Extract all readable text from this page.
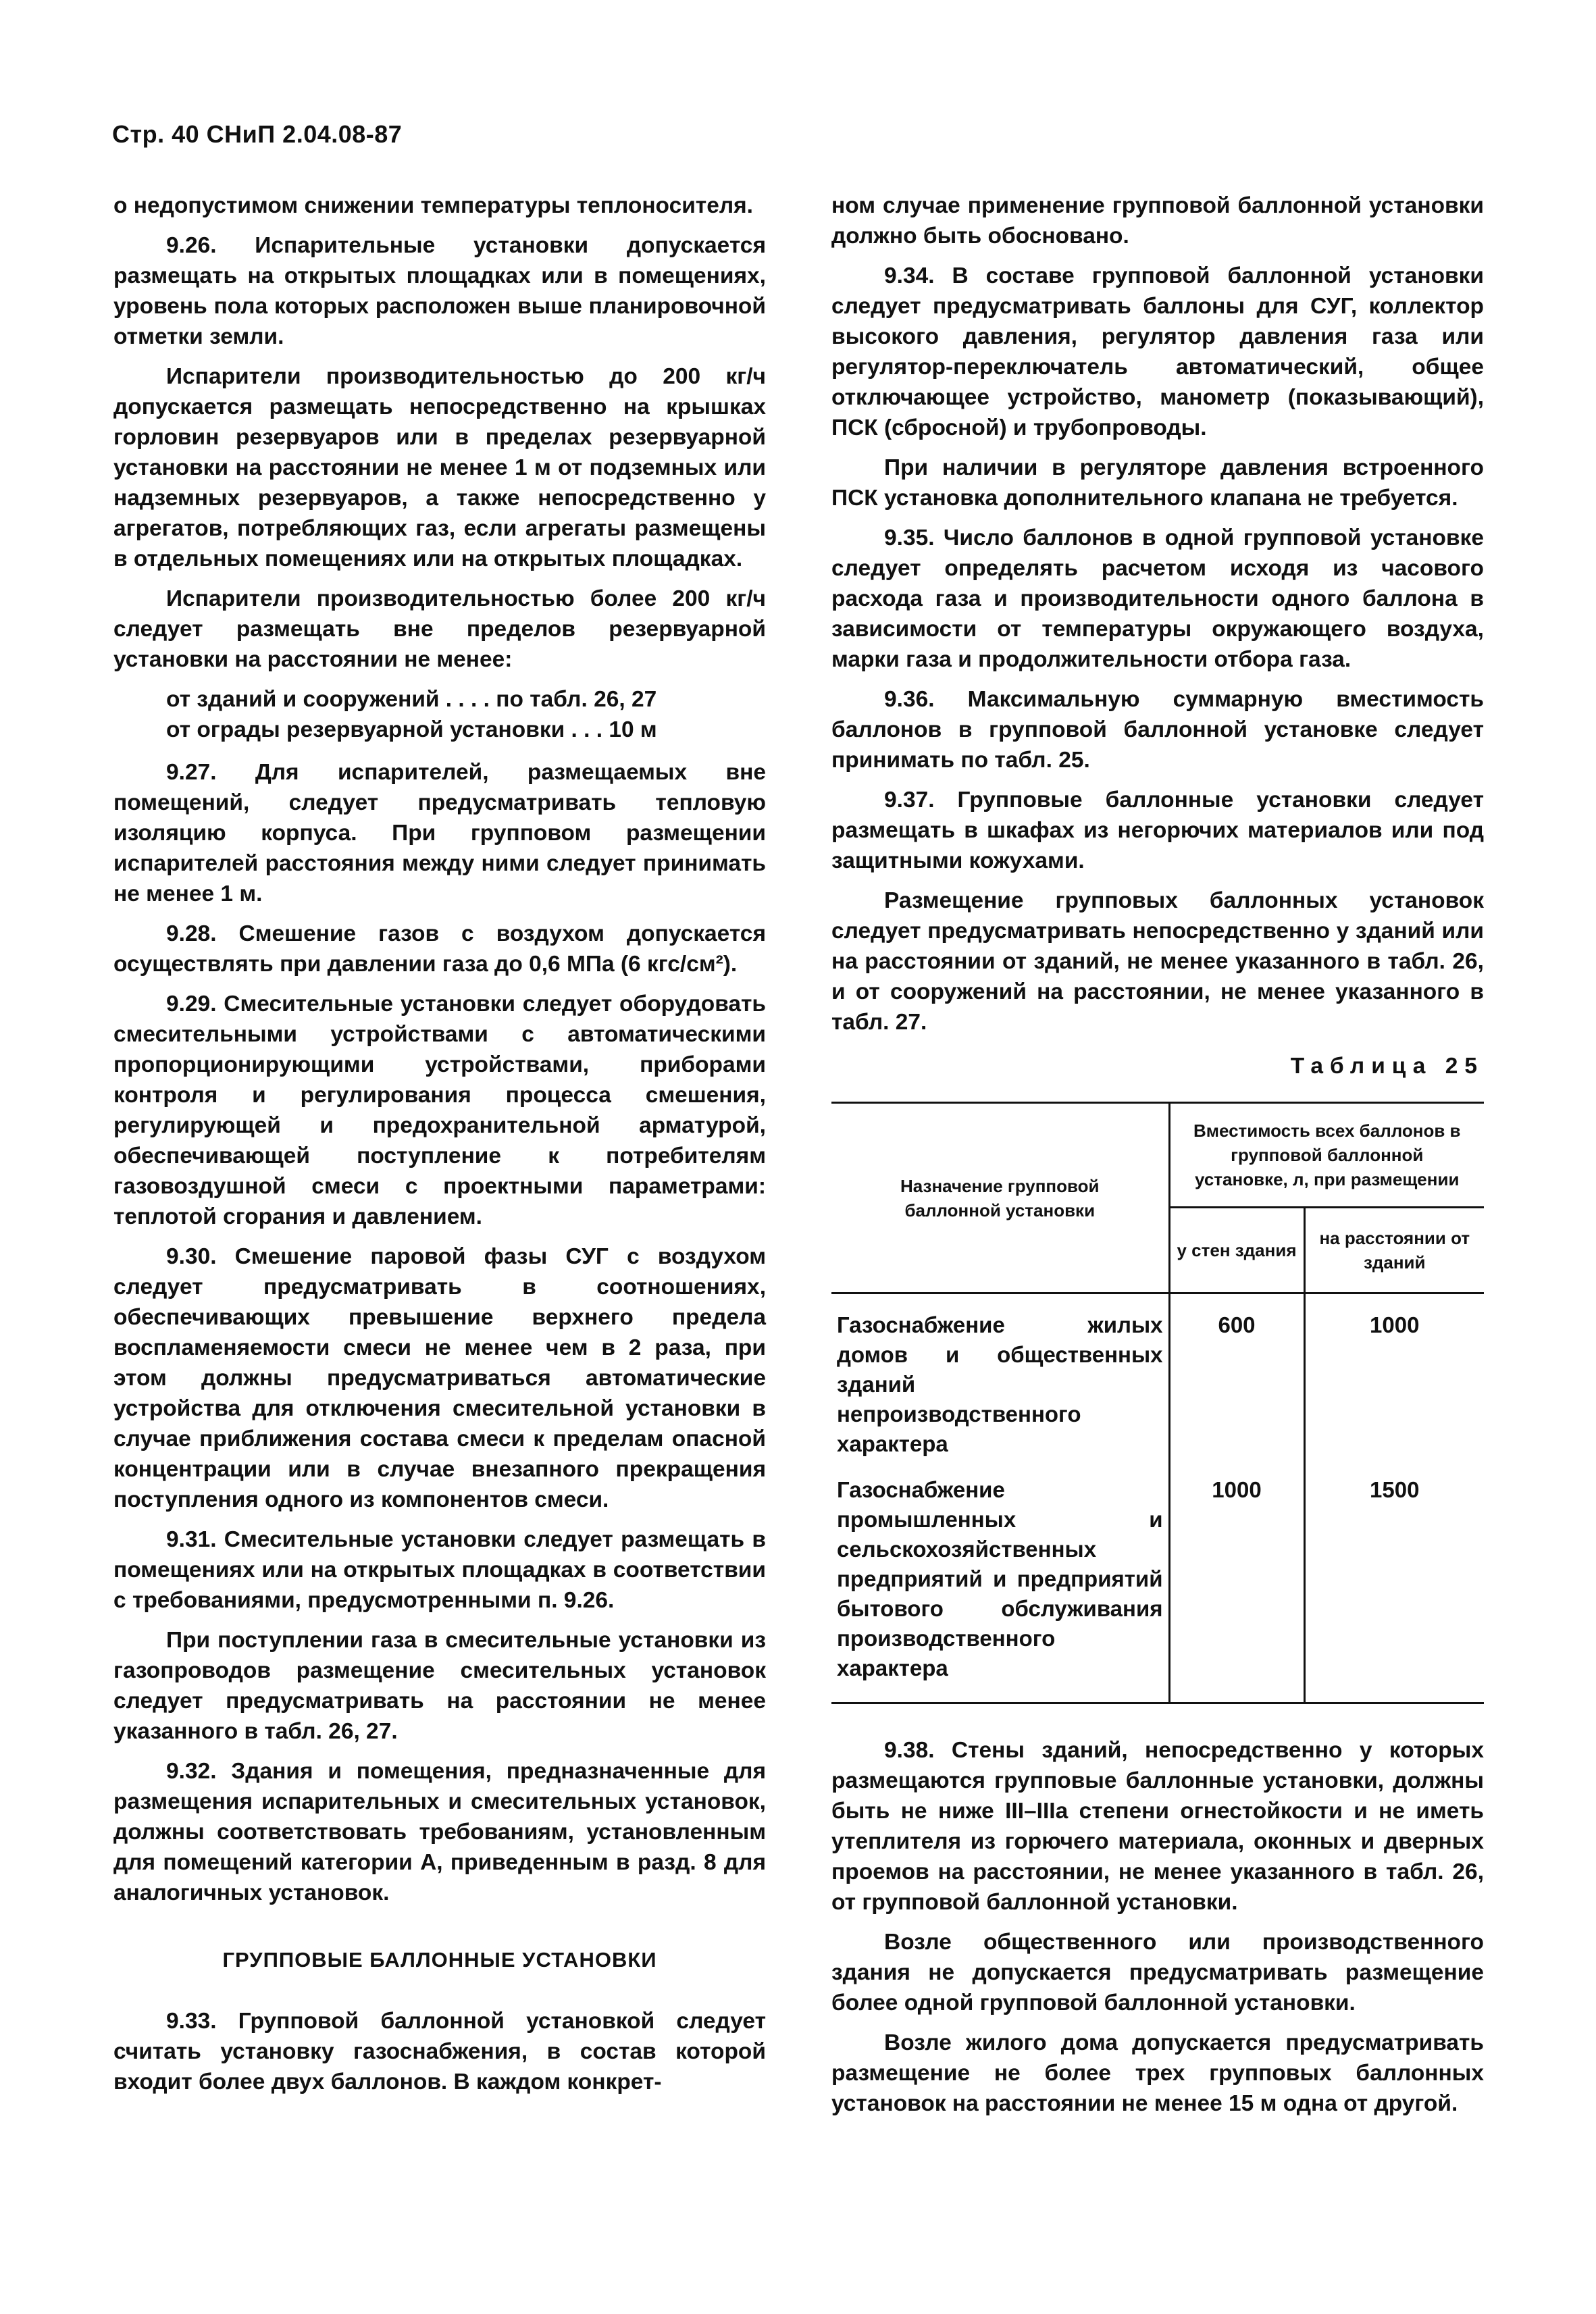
Стр. 40 СНиП 2.04.08-87

о недопустимом снижении температуры теплоносителя.

9.26. Испарительные установки допускается размещать на открытых площадках или в помещениях, уровень пола которых расположен выше планировочной отметки земли.

Испарители производительностью до 200 кг/ч допускается размещать непосредственно на крышках горловин резервуаров или в пределах резервуарной установки на расстоянии не менее 1 м от подземных или надземных резервуаров, а также непосредственно у агрегатов, потребляющих газ, если агрегаты размещены в отдельных помещениях или на открытых площадках.

Испарители производительностью более 200 кг/ч следует размещать вне пределов резервуарной установки на расстоянии не менее:

от зданий и сооружений . . . . по табл. 26, 27
от ограды резервуарной установки . . . 10 м

9.27. Для испарителей, размещаемых вне помещений, следует предусматривать тепловую изоляцию корпуса. При групповом размещении испарителей расстояния между ними следует принимать не менее 1 м.

9.28. Смешение газов с воздухом допускается осуществлять при давлении газа до 0,6 МПа (6 кгс/см²).

9.29. Смесительные установки следует оборудовать смесительными устройствами с автоматическими пропорционирующими устройствами, приборами контроля и регулирования процесса смешения, регулирующей и предохранительной арматурой, обеспечивающей поступление к потребителям газовоздушной смеси с проектными параметрами: теплотой сгорания и давлением.

9.30. Смешение паровой фазы СУГ с воздухом следует предусматривать в соотношениях, обеспечивающих превышение верхнего предела воспламеняемости смеси не менее чем в 2 раза, при этом должны предусматриваться автоматические устройства для отключения смесительной установки в случае приближения состава смеси к пределам опасной концентрации или в случае внезапного прекращения поступления одного из компонентов смеси.

9.31. Смесительные установки следует размещать в помещениях или на открытых площадках в соответствии с требованиями, предусмотренными п. 9.26.

При поступлении газа в смесительные установки из газопроводов размещение смесительных установок следует предусматривать на расстоянии не менее указанного в табл. 26, 27.

9.32. Здания и помещения, предназначенные для размещения испарительных и смесительных установок, должны соответствовать требованиям, установленным для помещений категории А, приведенным в разд. 8 для аналогичных установок.

ГРУППОВЫЕ БАЛЛОННЫЕ УСТАНОВКИ

9.33. Групповой баллонной установкой следует считать установку газоснабжения, в состав которой входит более двух баллонов. В каждом конкрет-

ном случае применение групповой баллонной установки должно быть обосновано.

9.34. В составе групповой баллонной установки следует предусматривать баллоны для СУГ, коллектор высокого давления, регулятор давления газа или регулятор-переключатель автоматический, общее отключающее устройство, манометр (показывающий), ПСК (сбросной) и трубопроводы.

При наличии в регуляторе давления встроенного ПСК установка дополнительного клапана не требуется.

9.35. Число баллонов в одной групповой установке следует определять расчетом исходя из часового расхода газа и производительности одного баллона в зависимости от температуры окружающего воздуха, марки газа и продолжительности отбора газа.

9.36. Максимальную суммарную вместимость баллонов в групповой баллонной установке следует принимать по табл. 25.

9.37. Групповые баллонные установки следует размещать в шкафах из негорючих материалов или под защитными кожухами.

Размещение групповых баллонных установок следует предусматривать непосредственно у зданий или на расстоянии от зданий, не менее указанного в табл. 26, и от сооружений на расстоянии, не менее указанного в табл. 27.

Таблица 25
Назначение групповой баллонной установки	Вместимость всех баллонов в групповой баллонной установке, л, при размещении	
	у стен здания	на расстоянии от зданий
Газоснабжение жилых домов и общественных зданий непроизводственного характера	600	1000
Газоснабжение промышленных и сельскохозяйственных предприятий и предприятий бытового обслуживания производственного характера	1000	1500

9.38. Стены зданий, непосредственно у которых размещаются групповые баллонные установки, должны быть не ниже III–IIIа степени огнестойкости и не иметь утеплителя из горючего материала, оконных и дверных проемов на расстоянии, не менее указанного в табл. 26, от групповой баллонной установки.

Возле общественного или производственного здания не допускается предусматривать размещение более одной групповой баллонной установки.

Возле жилого дома допускается предусматривать размещение не более трех групповых баллонных установок на расстоянии не менее 15 м одна от другой.
